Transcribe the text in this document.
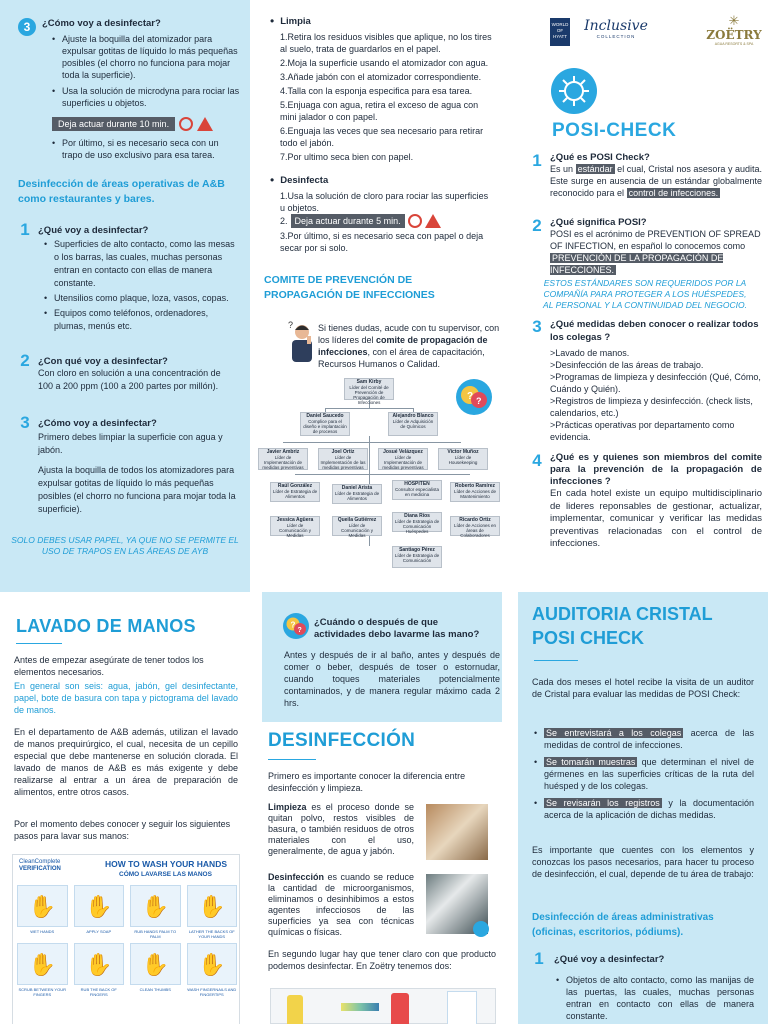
3	¿Cómo voy a desinfectar?
• Ajuste la boquilla del atomizador para expulsar gotitas de líquido lo más pequeñas posibles (el chorro no funciona para mojar toda la superficie).
• Usa la solución de microdyna para rociar las superficies u objetos.
Deja actuar durante 10 min.
• Por último, si es necesario seca con un trapo de uso exclusivo para esa tarea.
Desinfección de áreas operativas de A&B como restaurantes y bares.
1 ¿Qué voy a desinfectar?
• Superficies de alto contacto, como las mesas o los barras, las cuales, muchas personas entran en contacto con ellas de manera constante.
• Utensilios como plaque, loza, vasos, copas.
• Equipos como teléfonos, ordenadores, plumas, menús etc.
2 ¿Con qué voy a desinfectar?
Con cloro en solución a una concentración de 100 a 200 ppm (100 a 200 partes por millón).
3 ¿Cómo voy a desinfectar?
Primero debes limpiar la superficie con agua y jabón.
Ajusta la boquilla de todos los atomizadores para expulsar gotitas de líquido lo más pequeñas posibles (el chorro no funciona para mojar toda la superficie).
SOLO DEBES USAR PAPEL, YA QUE NO SE PERMITE EL USO DE TRAPOS EN LAS ÁREAS DE AYB
• Limpia
1.Retira los residuos visibles que aplique, no los tires al suelo, trata de guardarlos en el papel.
2.Moja la superficie usando el atomizador con agua.
3.Añade jabón con el atomizador correspondiente.
4.Talla con la esponja especifica para esa tarea.
5.Enjuaga con agua, retira el exceso de agua con mini jalador o con papel.
6.Enguaja las veces que sea necesario para retirar todo el jabón.
7.Por ultimo seca bien con papel.
• Desinfecta
1.Usa la solución de cloro para rociar las superficies u objetos.
2. Deja actuar durante 5 min.
3.Por último, si es necesario seca con papel o deja secar por si solo.
COMITE DE PREVENCIÓN DE PROPAGACIÓN DE INFECCIONES
?	Si tienes dudas, acude con tu supervisor, con los líderes del comite de propagación de infecciones, con el área de capacitación, Recursos Humanos o Calidad.
Sam Kirby
Líder del Comité de Prevención de Propagación de Infecciones
Daniel Saucedo
Complice para el diseño e implantación de procesos
Alejandro Blanco
Líder de Adquisición de Químicos
Javier Ambriz
Líder de Implementación de medidas preventivas
Joel Ortiz
Líder de Implementación de las medidas preventivas
Josué Velázquez
Líder de Implementación de medidas preventivas
Victor Muñoz
Líder de Housekeeping
Raúl González
Líder de Estrategia de Alimentos
Daniel Arista
Líder de Estrategia de Alimentos
HOSPITEN
Consultor especialista en medicina
Roberto Ramírez
Líder de Acciones de Mantenimiento
Jessica Agüera
Líder de Comunicación y Medidas
Queila Gutiérrez
Líder de Comunicación y Medidas
Diana Ríos
Líder de Estrategia de Comunicación Huéspedes
Ricardo Ortiz
Líder de Acciones en áreas de Colaboradores
Santiago Pérez
Líder de Estrategia de Comunicación
? ?
WORLD OF
HYATT
Inclusive
COLLECTION
✳
ZOËTRY
AGUA RESORTS & SPA
POSI-CHECK
1 ¿Qué es POSI Check?
Es un estándar el cual, Cristal nos asesora y audita. Este surge en ausencia de un estándar globalmente reconocido para el control de infecciones.
2 ¿Qué significa POSI?
POSI es el acrónimo de PREVENTION OF SPREAD OF INFECTION, en español lo conocemos como PREVENCIÓN DE LA PROPAGACIÓN DE INFECCIONES.
ESTOS ESTÁNDARES SON REQUERIDOS POR LA COMPAÑÍA PARA PROTEGER A LOS HUÉSPEDES, AL PERSONAL Y LA CONTINUIDAD DEL NEGOCIO.
3 ¿Qué medidas deben conocer o realizar todos los colegas ?
>Lavado de manos.
>Desinfección de las áreas de trabajo.
>Programas de limpieza y desinfección (Qué, Cómo, Cuándo y Quién).
>Registros de limpieza y desinfección. (check lists, calendarios, etc.)
>Prácticas operativas por departamento como evidencia.
4 ¿Qué es y quienes son miembros del comite para la prevención de la propagación de infecciones ?
En cada hotel existe un equipo multidisciplinario de lideres reponsables de gestionar, actualizar, implementar, comunicar y verificar las medidas preventivas relacionadas con el control de infecciones.
LAVADO DE MANOS
Antes de empezar asegúrate de tener todos los elementos necesarios.
En general son seis: agua, jabón, gel desinfectante, papel, bote de basura con tapa y pictograma del lavado de manos.
En el departamento de A&B además, utilizan el lavado de manos prequirúrgico, el cual, necesita de un cepillo especial que debe mantenerse en solución clorada. El lavado de manos de A&B es más exigente y debe realizarse al entrar a un área de preparación de alimentos, entre otros casos.
Por el momento debes conocer y seguir los siguientes pasos para lavar sus manos:
CleanComplete
VERIFICATION	HOW TO WASH YOUR HANDS
CÓMO LAVARSE LAS MANOS
✋
WET HANDS
✋
APPLY SOAP
✋
RUB HANDS PALM TO PALM
✋
LATHER THE BACKS OF YOUR HANDS
✋
SCRUB BETWEEN YOUR FINGERS
✋
RUB THE BACK OF FINGERS
✋
CLEAN THUMBS
✋
WASH FINGERNAILS AND FINGERTIPS
?
?
¿Cuándo o después de que actividades debo lavarme las mano?
Antes y después de ir al baño, antes y después de comer o beber, después de toser o estornudar, cuando toques materiales potencialmente contaminados, y de manera regular máximo cada 2 hrs.
DESINFECCIÓN
Primero es importante conocer la diferencia entre desinfección y limpieza.
Limpieza es el proceso donde se quitan polvo, restos visibles de basura, o también residuos de otros materiales con el uso, generalmente, de agua y jabón.
Desinfección es cuando se reduce la cantidad de microorganismos, eliminamos o desinhibimos a estos agentes infecciosos de las superficies ya sea con técnicas químicas o físicas.
En segundo lugar hay que tener claro con que producto podemos desinfectar. En Zoëtry tenemos dos:
AUDITORIA CRISTAL POSI CHECK
Cada dos meses el hotel recibe la visita de un auditor de Cristal para evaluar las medidas de POSI Check:
• Se entrevistará a los colegas acerca de las medidas de control de infecciones.
• Se tomarán muestras que determinan el nivel de gérmenes en las superficies críticas de la ruta del huésped y de los colegas.
• Se revisarán los registros y la documentación acerca de la aplicación de dichas medidas.
Es importante que cuentes con los elementos y conozcas los pasos necesarios, para hacer tu proceso de desinfección, el cual, depende de tu área de trabajo:
Desinfección de áreas administrativas (oficinas, escritorios, pódiums).
1 ¿Qué voy a desinfectar?
• Objetos de alto contacto, como las manijas de las puertas, las cuales, muchas personas entran en contacto con ellas de manera constante.
